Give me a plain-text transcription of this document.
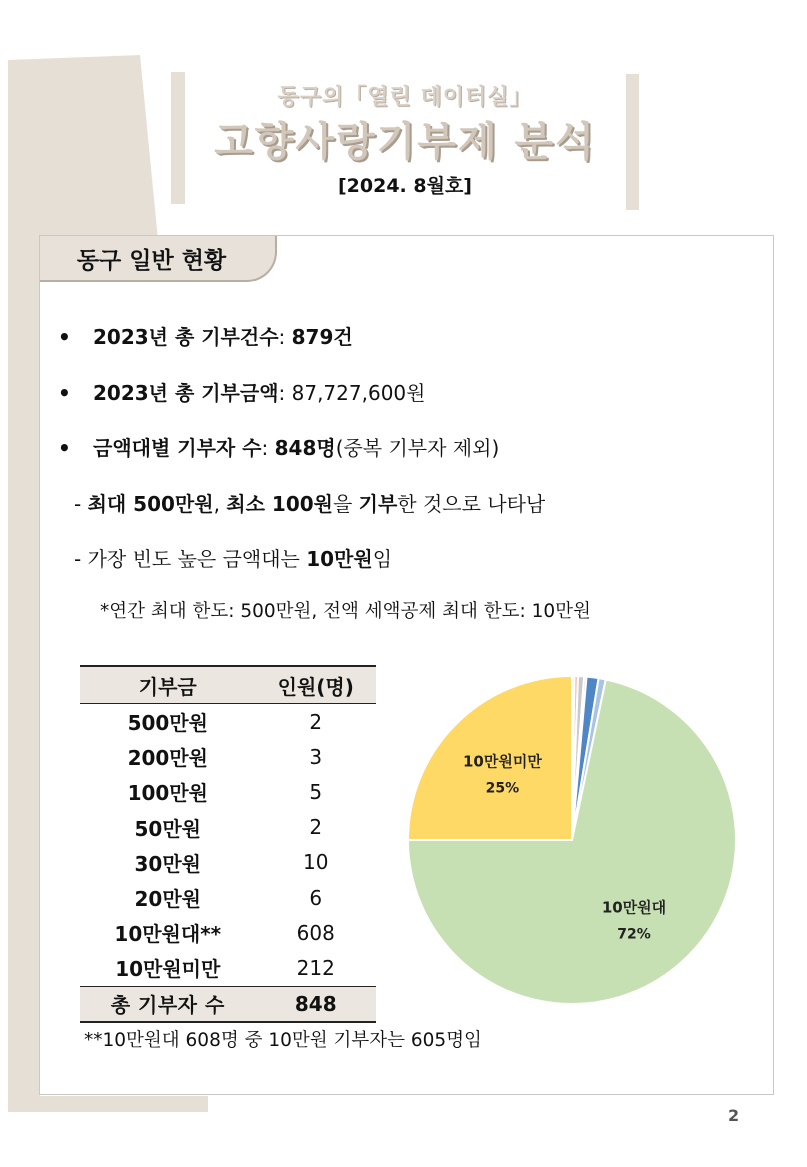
동구의「열린 데이터실」
고향사랑기부제 분석
[2024. 8월호]
동구 일반 현황
• 2023년 총 기부건수: 879건
• 2023년 총 기부금액: 87,727,600원
• 금액대별 기부자 수: 848명(중복 기부자 제외)
- 최대 500만원, 최소 100원을 기부한 것으로 나타남
- 가장 빈도 높은 금액대는 10만원임
*연간 최대 한도: 500만원, 전액 세액공제 최대 한도: 10만원
기부금	인원(명)
500만원	2
200만원	3
100만원	5
50만원	2
30만원	10
20만원	6
10만원대**	608
10만원미만	212
총 기부자 수	848
10만원대
72%
10만원미만
25%
**10만원대 608명 중 10만원 기부자는 605명임
2
